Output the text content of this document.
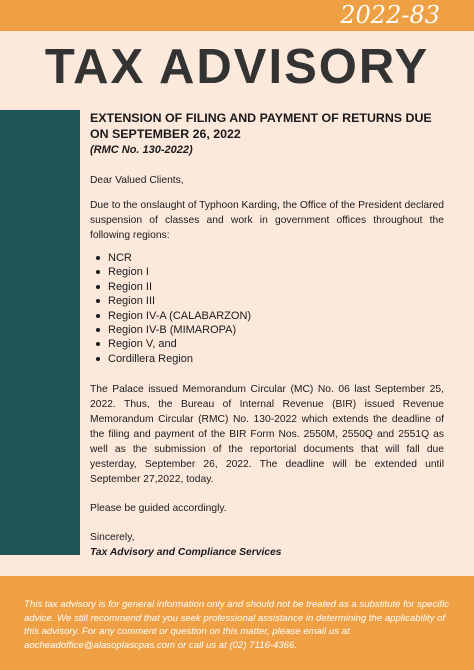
2022-83
TAX ADVISORY

EXTENSION OF FILING AND PAYMENT OF RETURNS DUE ON SEPTEMBER 26, 2022

(RMC No. 130-2022)

Dear Valued Clients,

Due to the onslaught of Typhoon Karding, the Office of the President declared suspension of classes and work in government offices throughout the following regions:

NCR
Region I
Region II
Region III
Region IV-A (CALABARZON)
Region IV-B (MIMAROPA)
Region V, and
Cordillera Region

The Palace issued Memorandum Circular (MC) No. 06 last September 25, 2022. Thus, the Bureau of Internal Revenue (BIR) issued Revenue Memorandum Circular (RMC) No. 130-2022 which extends the deadline of the filing and payment of the BIR Form Nos. 2550M, 2550Q and 2551Q as well as the submission of the reportorial documents that will fall due yesterday, September 26, 2022. The deadline will be extended until September 27,2022, today.

Please be guided accordingly.

Sincerely,

Tax Advisory and Compliance Services

This tax advisory is for general information only and should not be treated as a substitute for specific advice. We still recommend that you seek professional assistance in determining the applicability of this advisory. For any comment or question on this matter, please email us at aocheadoffice@alasoplascpas.com or call us at (02) 7116-4366.
